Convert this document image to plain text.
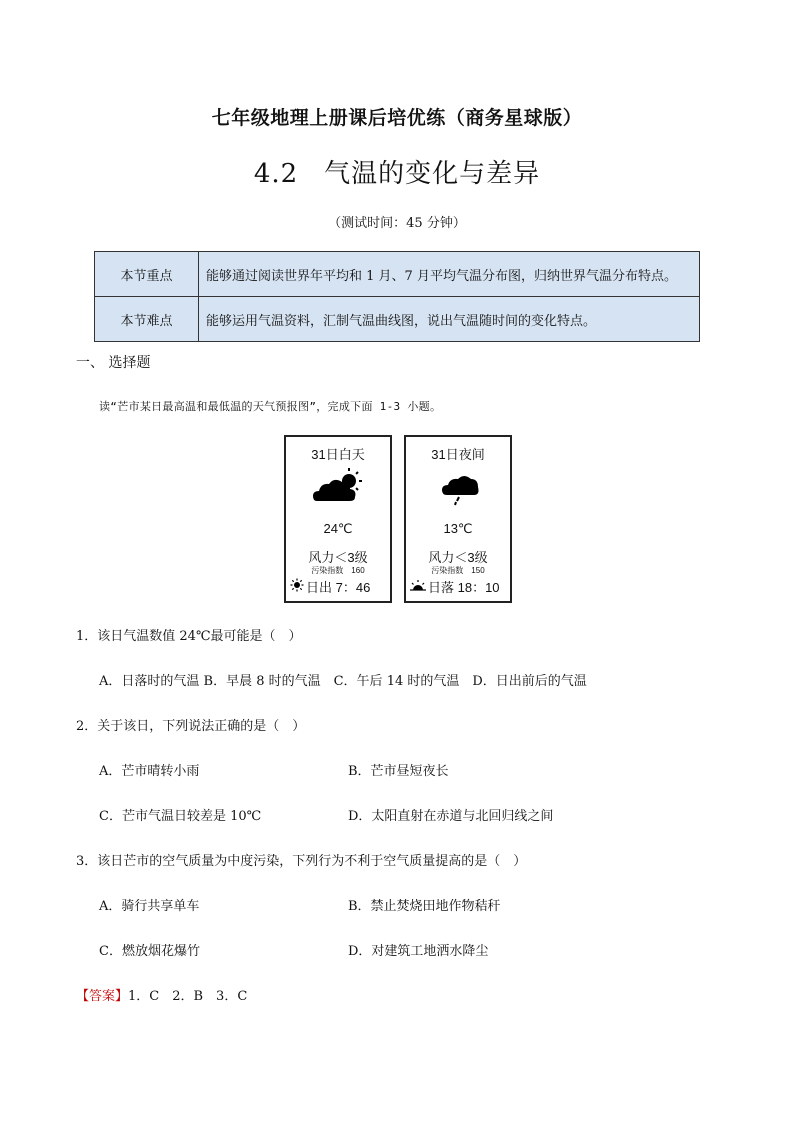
七年级地理上册课后培优练（商务星球版）
4.2 气温的变化与差异
（测试时间：45 分钟）
本节重点	能够通过阅读世界年平均和 1 月、7 月平均气温分布图，归纳世界气温分布特点。
本节难点	能够运用气温资料，汇制气温曲线图，说出气温随时间的变化特点。
一、 选择题
读“芒市某日最高温和最低温的天气预报图”，完成下面 1-3 小题。
31日白天
24℃
风力＜3级
污染指数　160
日出 7：46
31日夜间
13℃
风力＜3级
污染指数　150
日落 18：10
1．该日气温数值 24℃最可能是（　）
A．日落时的气温 B．早晨 8 时的气温　C．午后 14 时的气温　D．日出前后的气温
2．关于该日，下列说法正确的是（　）
A．芒市晴转小雨	B．芒市昼短夜长
C．芒市气温日较差是 10℃	D．太阳直射在赤道与北回归线之间
3．该日芒市的空气质量为中度污染，下列行为不利于空气质量提高的是（　）
A．骑行共享单车	B．禁止焚烧田地作物秸秆
C．燃放烟花爆竹	D．对建筑工地洒水降尘
【答案】1．C　2．B　3．C
